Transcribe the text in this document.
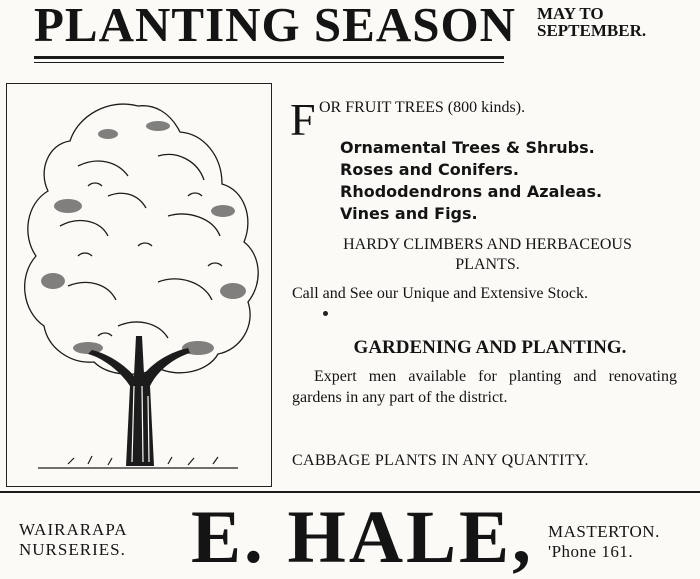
PLANTING SEASON MAY TO
SEPTEMBER.
F OR FRUIT TREES (800 kinds).
Ornamental Trees & Shrubs.
Roses and Conifers.
Rhododendrons and Azaleas.
Vines and Figs.
HARDY CLIMBERS AND HERBACEOUS
PLANTS.
Call and See our Unique and Extensive Stock.
GARDENING AND PLANTING.
Expert men available for planting and renovating gardens in any part of the district.
CABBAGE PLANTS IN ANY QUANTITY.
WAIRARAPA
NURSERIES. E. HALE, MASTERTON.
'Phone 161.
